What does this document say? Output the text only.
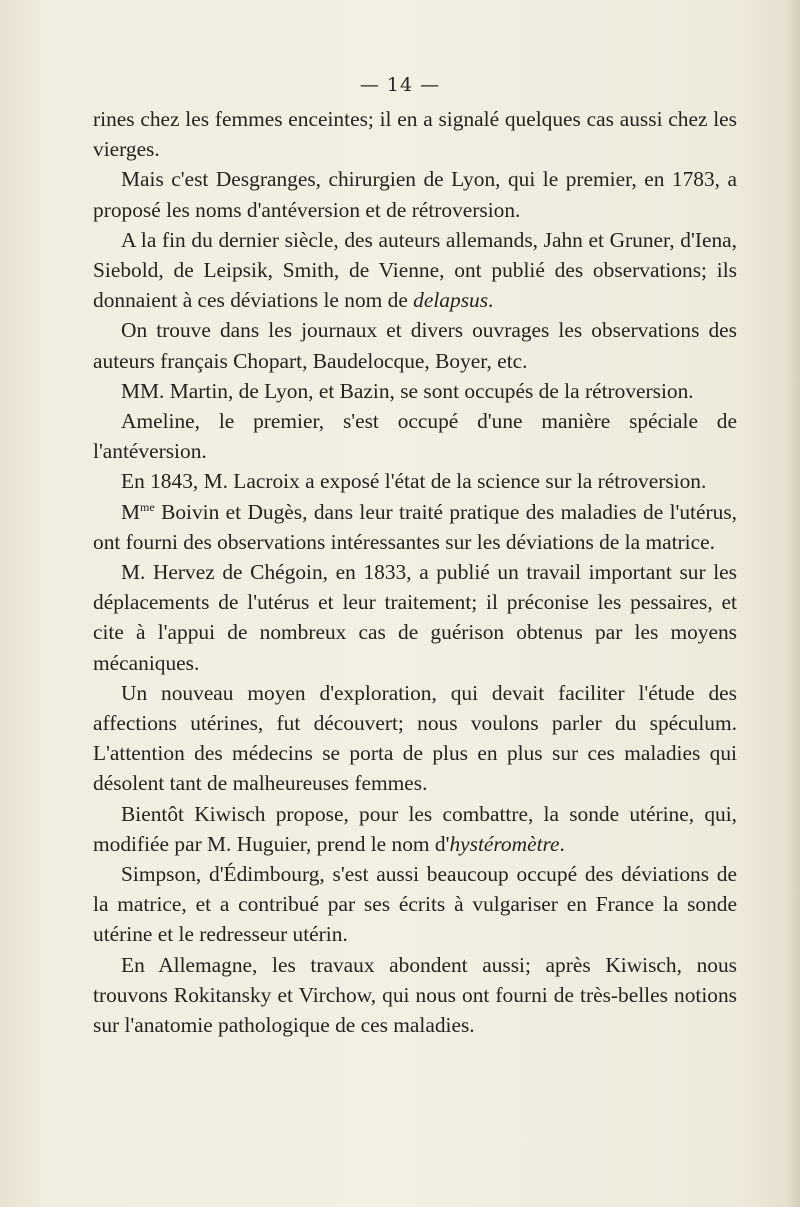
— 14 —

rines chez les femmes enceintes; il en a signalé quelques cas aussi chez les vierges.

Mais c'est Desgranges, chirurgien de Lyon, qui le premier, en 1783, a proposé les noms d'antéversion et de rétroversion.

A la fin du dernier siècle, des auteurs allemands, Jahn et Gruner, d'Iena, Siebold, de Leipsik, Smith, de Vienne, ont publié des observations; ils donnaient à ces déviations le nom de delapsus.

On trouve dans les journaux et divers ouvrages les observations des auteurs français Chopart, Baudelocque, Boyer, etc.

MM. Martin, de Lyon, et Bazin, se sont occupés de la rétroversion.

Ameline, le premier, s'est occupé d'une manière spéciale de l'antéversion.

En 1843, M. Lacroix a exposé l'état de la science sur la rétroversion.

$M^{me}$ Boivin et Dugès, dans leur traité pratique des maladies de l'utérus, ont fourni des observations intéressantes sur les déviations de la matrice.

M. Hervez de Chégoin, en 1833, a publié un travail important sur les déplacements de l'utérus et leur traitement; il préconise les pessaires, et cite à l'appui de nombreux cas de guérison obtenus par les moyens mécaniques.

Un nouveau moyen d'exploration, qui devait faciliter l'étude des affections utérines, fut découvert; nous voulons parler du spéculum. L'attention des médecins se porta de plus en plus sur ces maladies qui désolent tant de malheureuses femmes.

Bientôt Kiwisch propose, pour les combattre, la sonde utérine, qui, modifiée par M. Huguier, prend le nom d'hystéromètre.

Simpson, d'Édimbourg, s'est aussi beaucoup occupé des déviations de la matrice, et a contribué par ses écrits à vulgariser en France la sonde utérine et le redresseur utérin.

En Allemagne, les travaux abondent aussi; après Kiwisch, nous trouvons Rokitansky et Virchow, qui nous ont fourni de très-belles notions sur l'anatomie pathologique de ces maladies.
